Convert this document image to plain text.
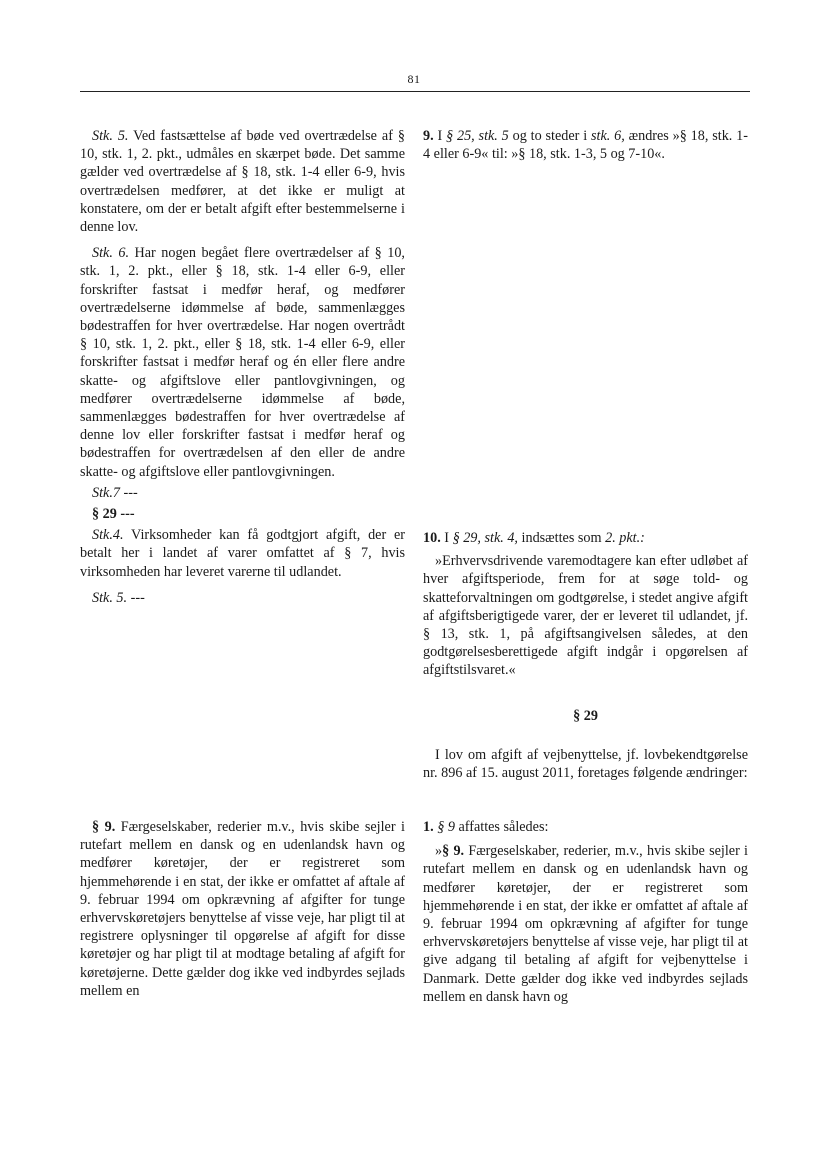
81

Stk. 5. Ved fastsættelse af bøde ved overtrædelse af § 10, stk. 1, 2. pkt., udmåles en skærpet bøde. Det samme gælder ved overtrædelse af § 18, stk. 1-4 eller 6-9, hvis overtrædelsen medfører, at det ikke er muligt at konstatere, om der er betalt afgift efter bestemmelserne i denne lov.

Stk. 6. Har nogen begået flere overtrædelser af § 10, stk. 1, 2. pkt., eller § 18, stk. 1-4 eller 6-9, eller forskrifter fastsat i medfør heraf, og medfører overtrædelserne idømmelse af bøde, sammenlægges bødestraffen for hver overtrædelse. Har nogen overtrådt § 10, stk. 1, 2. pkt., eller § 18, stk. 1-4 eller 6-9, eller forskrifter fastsat i medfør heraf og én eller flere andre skatte- og afgiftslove eller pantlovgivningen, og medfører overtrædelserne idømmelse af bøde, sammenlægges bødestraffen for hver overtrædelse af denne lov eller forskrifter fastsat i medfør heraf og bødestraffen for overtrædelsen af den eller de andre skatte- og afgiftslove eller pantlovgivningen.

Stk.7 ---

§ 29 ---

Stk.4. Virksomheder kan få godtgjort afgift, der er betalt her i landet af varer omfattet af § 7, hvis virksomheden har leveret varerne til udlandet.

Stk. 5. ---

§ 9. Færgeselskaber, rederier m.v., hvis skibe sejler i rutefart mellem en dansk og en udenlandsk havn og medfører køretøjer, der er registreret som hjemmehørende i en stat, der ikke er omfattet af aftale af 9. februar 1994 om opkrævning af afgifter for tunge erhvervskøretøjers benyttelse af visse veje, har pligt til at registrere oplysninger til opgørelse af afgift for disse køretøjer og har pligt til at modtage betaling af afgift for køretøjerne. Dette gælder dog ikke ved indbyrdes sejlads mellem en

9. I § 25, stk. 5 og to steder i stk. 6, ændres »§ 18, stk. 1-4 eller 6-9« til: »§ 18, stk. 1-3, 5 og 7-10«.

10. I § 29, stk. 4, indsættes som 2. pkt.:

»Erhvervsdrivende varemodtagere kan efter udløbet af hver afgiftsperiode, frem for at søge told- og skatteforvaltningen om godtgørelse, i stedet angive afgift af afgiftsberigtigede varer, der er leveret til udlandet, jf. § 13, stk. 1, på afgiftsangivelsen således, at den godtgørelsesberettigede afgift indgår i opgørelsen af afgiftstilsvaret.«

§ 29

I lov om afgift af vejbenyttelse, jf. lovbekendtgørelse nr. 896 af 15. august 2011, foretages følgende ændringer:

1. § 9 affattes således:

»§ 9. Færgeselskaber, rederier, m.v., hvis skibe sejler i rutefart mellem en dansk og en udenlandsk havn og medfører køretøjer, der er registreret som hjemmehørende i en stat, der ikke er omfattet af aftale af 9. februar 1994 om opkrævning af afgifter for tunge erhvervskøretøjers benyttelse af visse veje, har pligt til at give adgang til betaling af afgift for vejbenyttelse i Danmark. Dette gælder dog ikke ved indbyrdes sejlads mellem en dansk havn og
